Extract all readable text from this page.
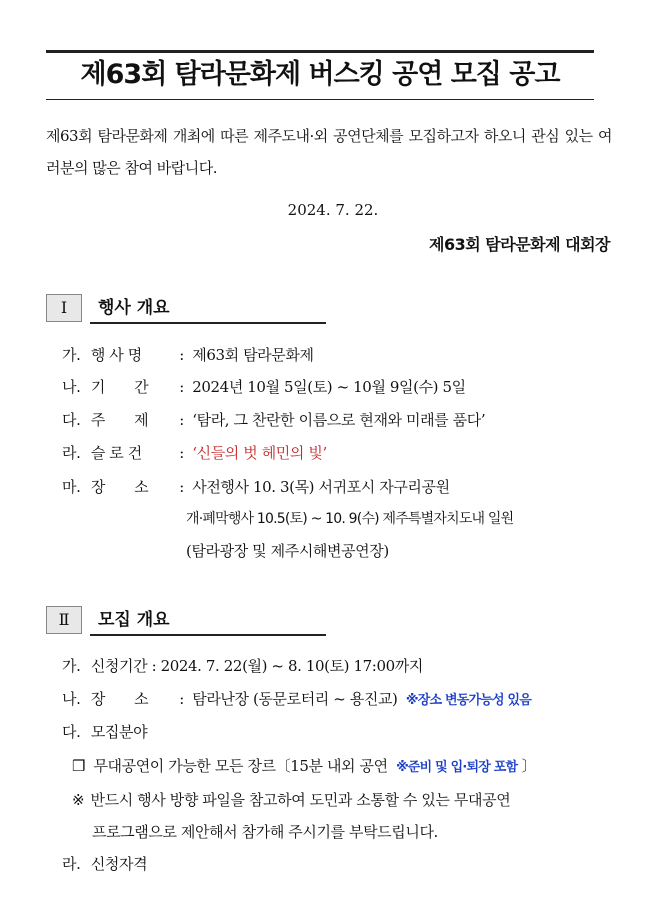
제63회 탐라문화제 버스킹 공연 모집 공고
제63회 탐라문화제 개최에 따른 제주도내·외 공연단체를 모집하고자 하오니 관심 있는 여러분의 많은 참여 바랍니다.
2024. 7. 22.
제63회 탐라문화제 대회장
Ⅰ	행사 개요
가. 행 사 명 : 제63회 탐라문화제
나. 기　　간 : 2024년 10월 5일(토) ~ 10월 9일(수) 5일
다. 주　　제 : ‘탐라, 그 찬란한 이름으로 현재와 미래를 품다’
라. 슬 로 건 : ‘신들의 벗 헤민의 빛’
마. 장　　소 : 사전행사 10. 3(목) 서귀포시 자구리공원
개·폐막행사 10.5(토) ~ 10. 9(수) 제주특별자치도내 일원
(탐라광장 및 제주시해변공연장)
Ⅱ	모집 개요
가. 신청기간 : 2024. 7. 22(월) ~ 8. 10(토) 17:00까지
나. 장　　소 : 탐라난장 (동문로터리 ~ 용진교) ※장소 변동가능성 있음
다. 모집분야
❒ 무대공연이 가능한 모든 장르〔15분 내외 공연 ※준비 및 입·퇴장 포함 〕
※ 반드시 행사 방향 파일을 참고하여 도민과 소통할 수 있는 무대공연
프로그램으로 제안해서 참가해 주시기를 부탁드립니다.
라. 신청자격
